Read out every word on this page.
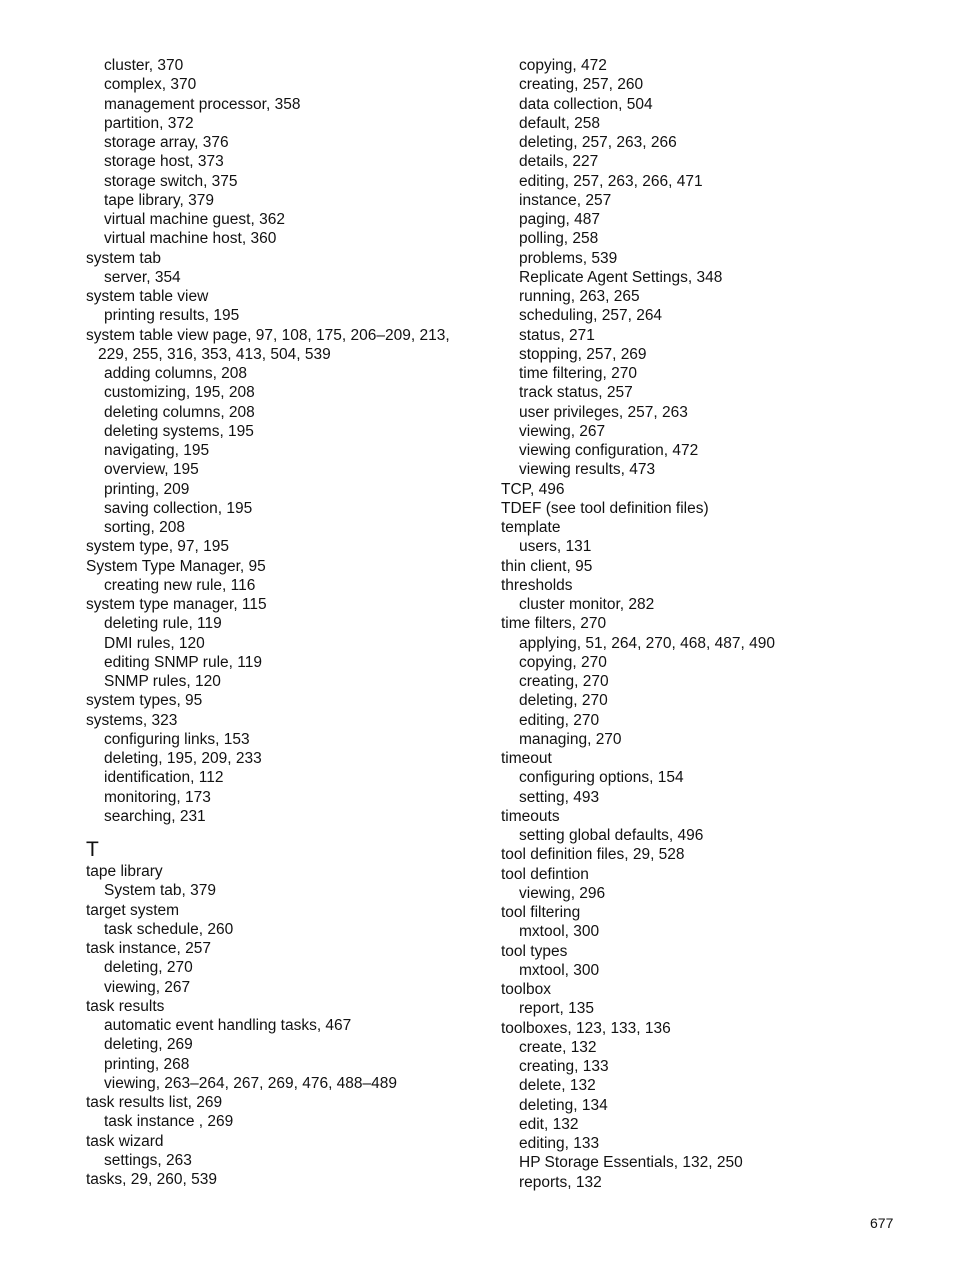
cluster, 370
complex, 370
management processor, 358
partition, 372
storage array, 376
storage host, 373
storage switch, 375
tape library, 379
virtual machine guest, 362
virtual machine host, 360
system tab
server, 354
system table view
printing results, 195
system table view page, 97, 108, 175, 206–209, 213,
229, 255, 316, 353, 413, 504, 539
adding columns, 208
customizing, 195, 208
deleting columns, 208
deleting systems, 195
navigating, 195
overview, 195
printing, 209
saving collection, 195
sorting, 208
system type, 97, 195
System Type Manager, 95
creating new rule, 116
system type manager, 115
deleting rule, 119
DMI rules, 120
editing SNMP rule, 119
SNMP rules, 120
system types, 95
systems, 323
configuring links, 153
deleting, 195, 209, 233
identification, 112
monitoring, 173
searching, 231
T
tape library
System tab, 379
target system
task schedule, 260
task instance, 257
deleting, 270
viewing, 267
task results
automatic event handling tasks, 467
deleting, 269
printing, 268
viewing, 263–264, 267, 269, 476, 488–489
task results list, 269
task instance , 269
task wizard
settings, 263
tasks, 29, 260, 539
copying, 472
creating, 257, 260
data collection, 504
default, 258
deleting, 257, 263, 266
details, 227
editing, 257, 263, 266, 471
instance, 257
paging, 487
polling, 258
problems, 539
Replicate Agent Settings, 348
running, 263, 265
scheduling, 257, 264
status, 271
stopping, 257, 269
time filtering, 270
track status, 257
user privileges, 257, 263
viewing, 267
viewing configuration, 472
viewing results, 473
TCP, 496
TDEF (see tool definition files)
template
users, 131
thin client, 95
thresholds
cluster monitor, 282
time filters, 270
applying, 51, 264, 270, 468, 487, 490
copying, 270
creating, 270
deleting, 270
editing, 270
managing, 270
timeout
configuring options, 154
setting, 493
timeouts
setting global defaults, 496
tool definition files, 29, 528
tool defintion
viewing, 296
tool filtering
mxtool, 300
tool types
mxtool, 300
toolbox
report, 135
toolboxes, 123, 133, 136
create, 132
creating, 133
delete, 132
deleting, 134
edit, 132
editing, 133
HP Storage Essentials, 132, 250
reports, 132
677
